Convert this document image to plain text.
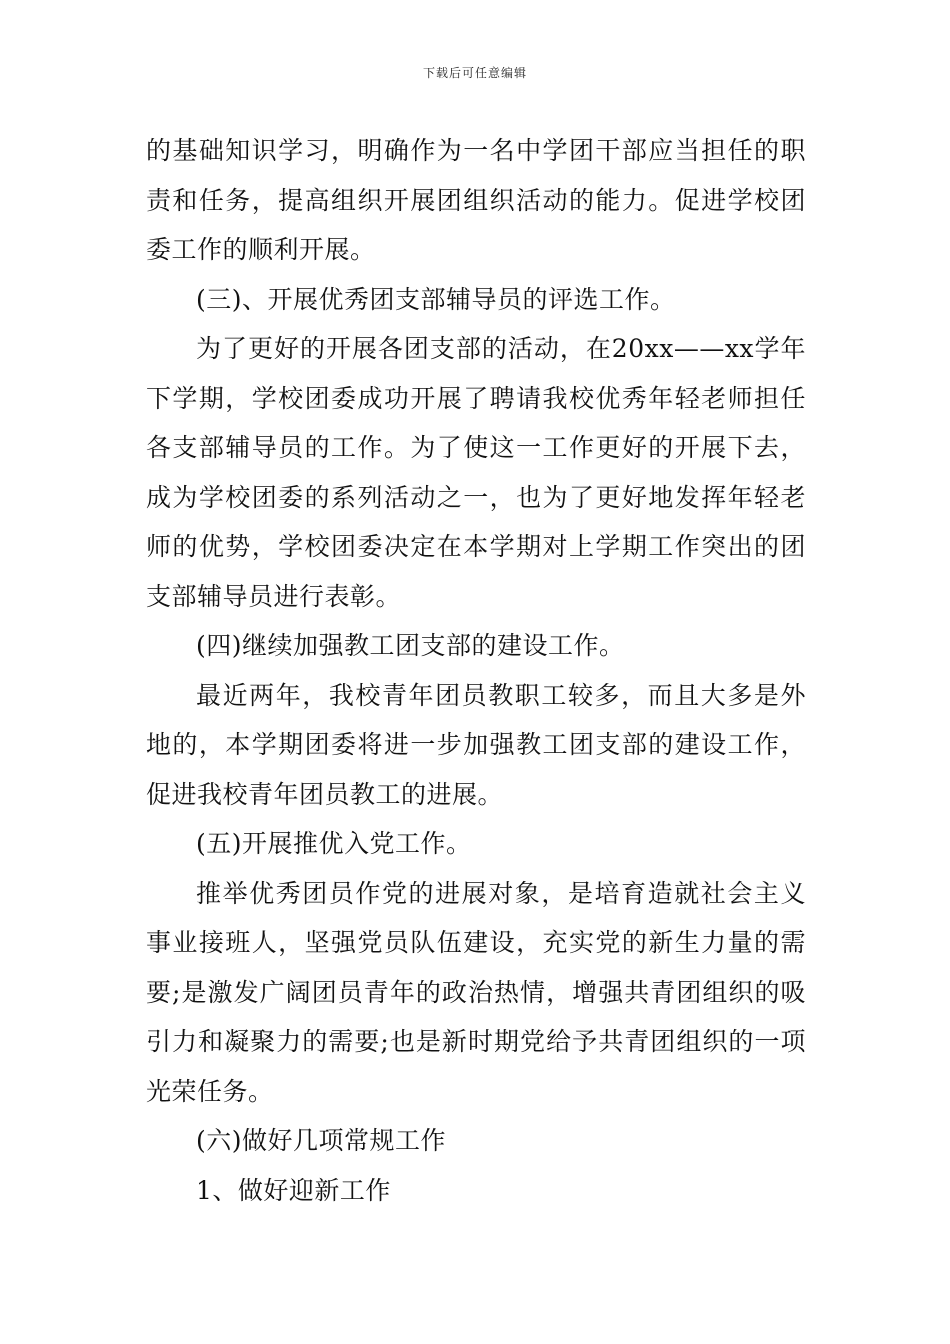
下载后可任意编辑

的基础知识学习，明确作为一名中学团干部应当担任的职责和任务，提高组织开展团组织活动的能力。促进学校团委工作的顺利开展。

(三)、开展优秀团支部辅导员的评选工作。

为了更好的开展各团支部的活动，在20xx——xx学年下学期，学校团委成功开展了聘请我校优秀年轻老师担任各支部辅导员的工作。为了使这一工作更好的开展下去，成为学校团委的系列活动之一，也为了更好地发挥年轻老师的优势，学校团委决定在本学期对上学期工作突出的团支部辅导员进行表彰。

(四)继续加强教工团支部的建设工作。

最近两年，我校青年团员教职工较多，而且大多是外地的，本学期团委将进一步加强教工团支部的建设工作，促进我校青年团员教工的进展。

(五)开展推优入党工作。

推举优秀团员作党的进展对象，是培育造就社会主义事业接班人，坚强党员队伍建设，充实党的新生力量的需要;是激发广阔团员青年的政治热情，增强共青团组织的吸引力和凝聚力的需要;也是新时期党给予共青团组织的一项光荣任务。

(六)做好几项常规工作

1、做好迎新工作
